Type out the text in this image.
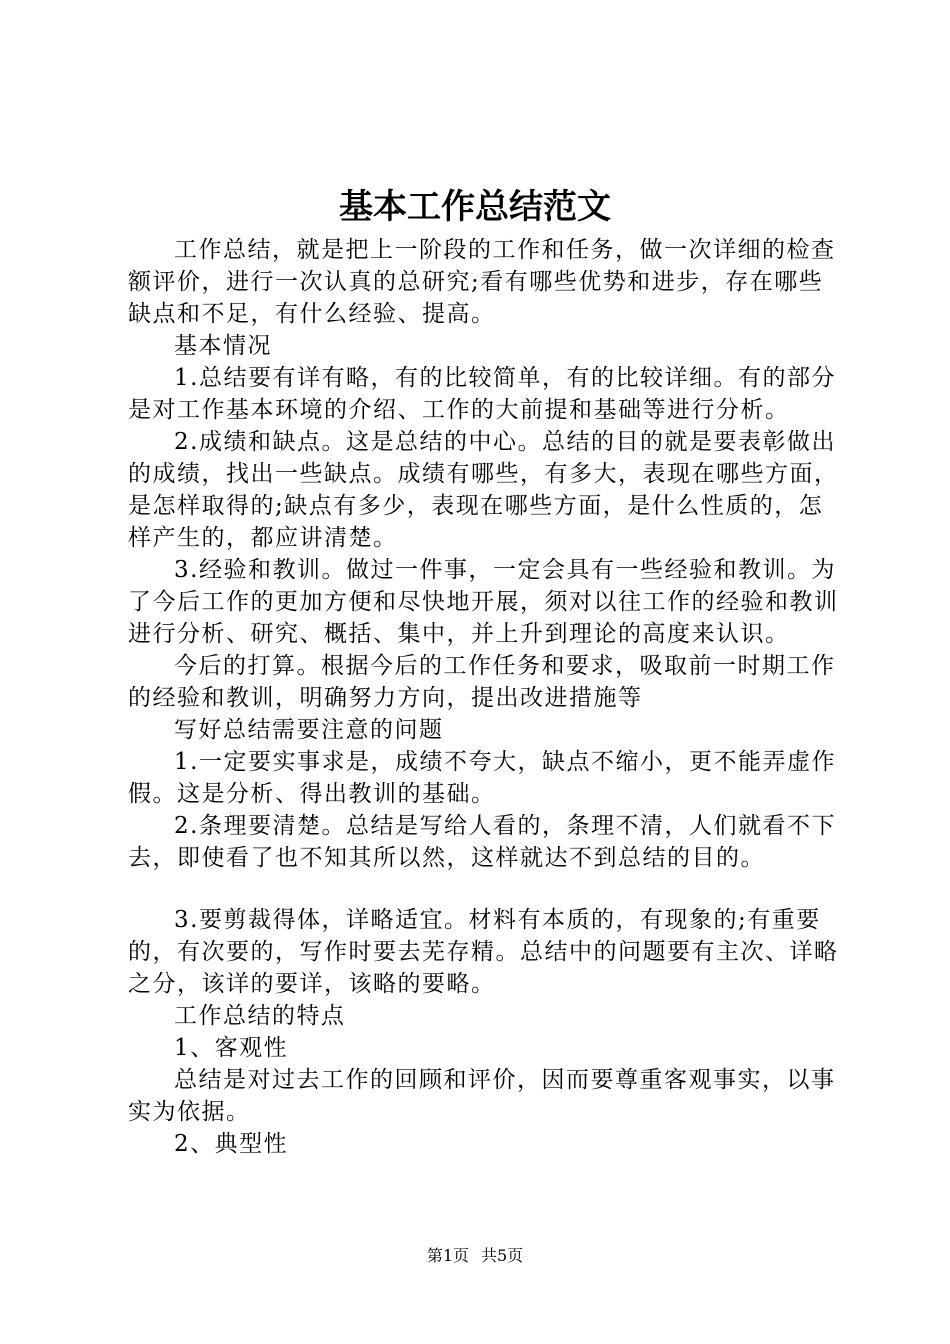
基本工作总结范文

工作总结，就是把上一阶段的工作和任务，做一次详细的检查额评价，进行一次认真的总研究;看有哪些优势和进步，存在哪些缺点和不足，有什么经验、提高。

基本情况

1.总结要有详有略，有的比较简单，有的比较详细。有的部分是对工作基本环境的介绍、工作的大前提和基础等进行分析。

2.成绩和缺点。这是总结的中心。总结的目的就是要表彰做出的成绩，找出一些缺点。成绩有哪些，有多大，表现在哪些方面，是怎样取得的;缺点有多少，表现在哪些方面，是什么性质的，怎样产生的，都应讲清楚。

3.经验和教训。做过一件事，一定会具有一些经验和教训。为了今后工作的更加方便和尽快地开展，须对以往工作的经验和教训进行分析、研究、概括、集中，并上升到理论的高度来认识。

今后的打算。根据今后的工作任务和要求，吸取前一时期工作的经验和教训，明确努力方向，提出改进措施等

写好总结需要注意的问题

1.一定要实事求是，成绩不夸大，缺点不缩小，更不能弄虚作假。这是分析、得出教训的基础。

2.条理要清楚。总结是写给人看的，条理不清，人们就看不下去，即使看了也不知其所以然，这样就达不到总结的目的。

3.要剪裁得体，详略适宜。材料有本质的，有现象的;有重要的，有次要的，写作时要去芜存精。总结中的问题要有主次、详略之分，该详的要详，该略的要略。

工作总结的特点

1、客观性

总结是对过去工作的回顾和评价，因而要尊重客观事实，以事实为依据。

2、典型性

第1页 共5页
